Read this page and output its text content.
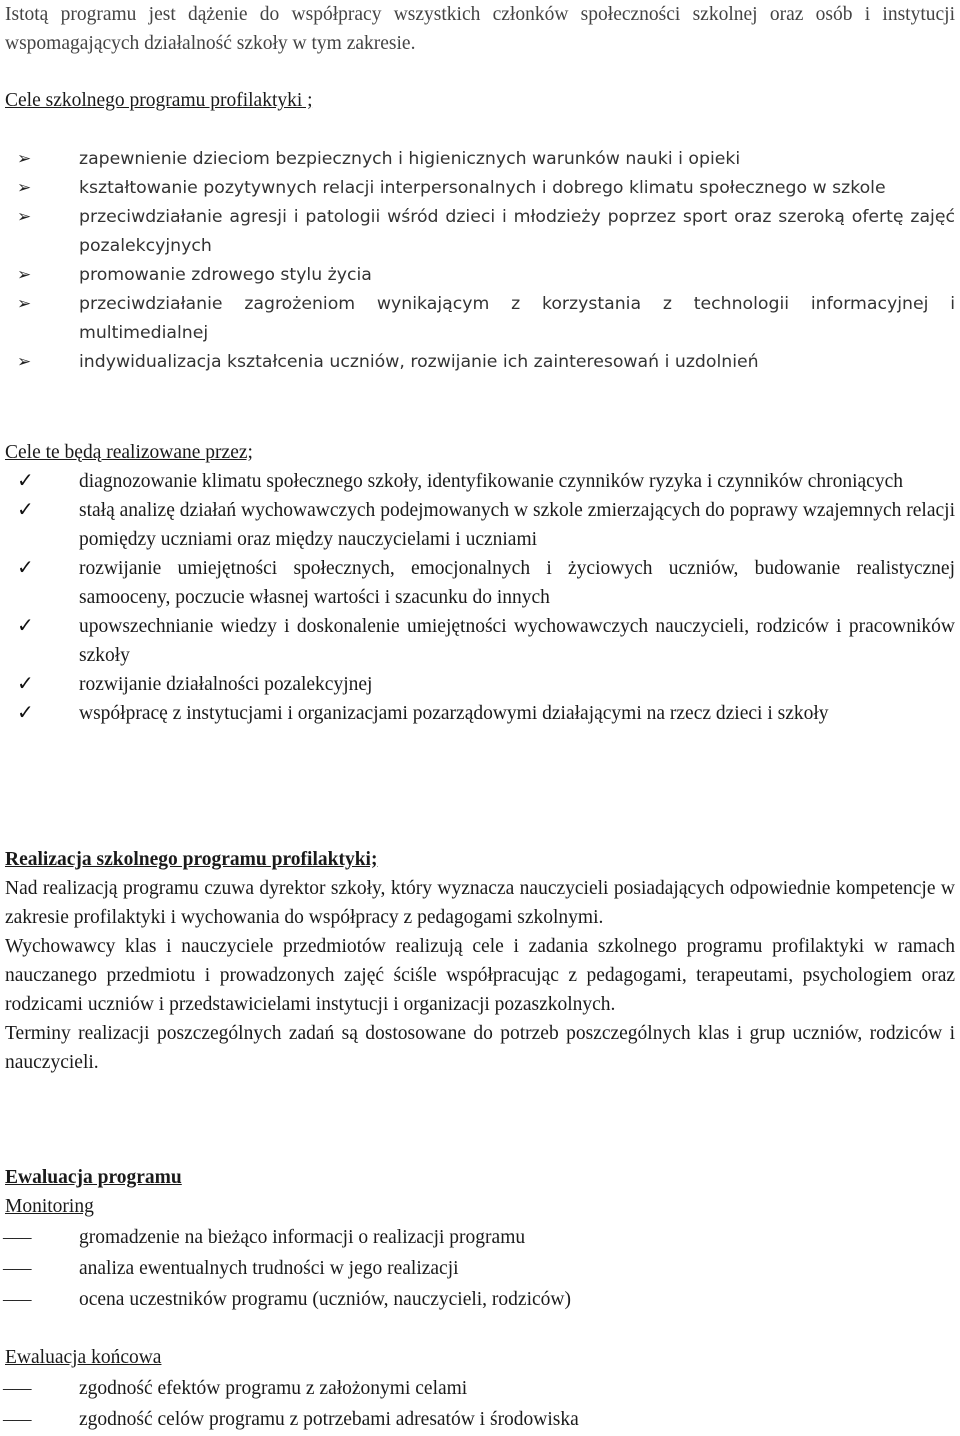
Istotą programu jest dążenie do współpracy wszystkich członków społeczności szkolnej oraz osób i instytucji wspomagających działalność szkoły w tym zakresie.

Cele szkolnego programu profilaktyki ;
➢	zapewnienie dzieciom bezpiecznych i higienicznych warunków nauki i opieki
➢	kształtowanie pozytywnych relacji interpersonalnych i dobrego klimatu społecznego w szkole
➢	przeciwdziałanie agresji i patologii wśród dzieci i młodzieży poprzez sport oraz szeroką ofertę zajęć pozalekcyjnych
➢	promowanie zdrowego stylu życia
➢	przeciwdziałanie zagrożeniom wynikającym z korzystania z technologii informacyjnej i multimedialnej
➢	indywidualizacja kształcenia uczniów, rozwijanie ich zainteresowań i uzdolnień
Cele te będą realizowane przez;
✓	diagnozowanie klimatu społecznego szkoły, identyfikowanie czynników ryzyka i czynników chroniących
✓	stałą analizę działań wychowawczych podejmowanych w szkole zmierzających do poprawy wzajemnych relacji pomiędzy uczniami oraz między nauczycielami i uczniami
✓	rozwijanie umiejętności społecznych, emocjonalnych i życiowych uczniów, budowanie realistycznej samooceny, poczucie własnej wartości i szacunku do innych
✓	upowszechnianie wiedzy i doskonalenie umiejętności wychowawczych nauczycieli, rodziców i pracowników szkoły
✓	rozwijanie działalności pozalekcyjnej
✓	współpracę z instytucjami i organizacjami pozarządowymi działającymi na rzecz dzieci i szkoły
Realizacja szkolnego programu profilaktyki;

Nad realizacją programu czuwa dyrektor szkoły, który wyznacza nauczycieli posiadających odpowiednie kompetencje w zakresie profilaktyki i wychowania do współpracy z pedagogami szkolnymi.

Wychowawcy klas i nauczyciele przedmiotów realizują cele i zadania szkolnego programu profilaktyki w ramach nauczanego przedmiotu i prowadzonych zajęć ściśle współpracując z pedagogami, terapeutami, psychologiem oraz rodzicami uczniów i przedstawicielami instytucji i organizacji pozaszkolnych.

Terminy realizacji poszczególnych zadań są dostosowane do potrzeb poszczególnych klas i grup uczniów, rodziców i nauczycieli.

Ewaluacja programu
Monitoring
–––	gromadzenie na bieżąco informacji o realizacji programu
–––	analiza ewentualnych trudności w jego realizacji
–––	ocena uczestników programu (uczniów, nauczycieli, rodziców)
Ewaluacja końcowa
–––	zgodność efektów programu z założonymi celami
–––	zgodność celów programu z potrzebami adresatów i środowiska
